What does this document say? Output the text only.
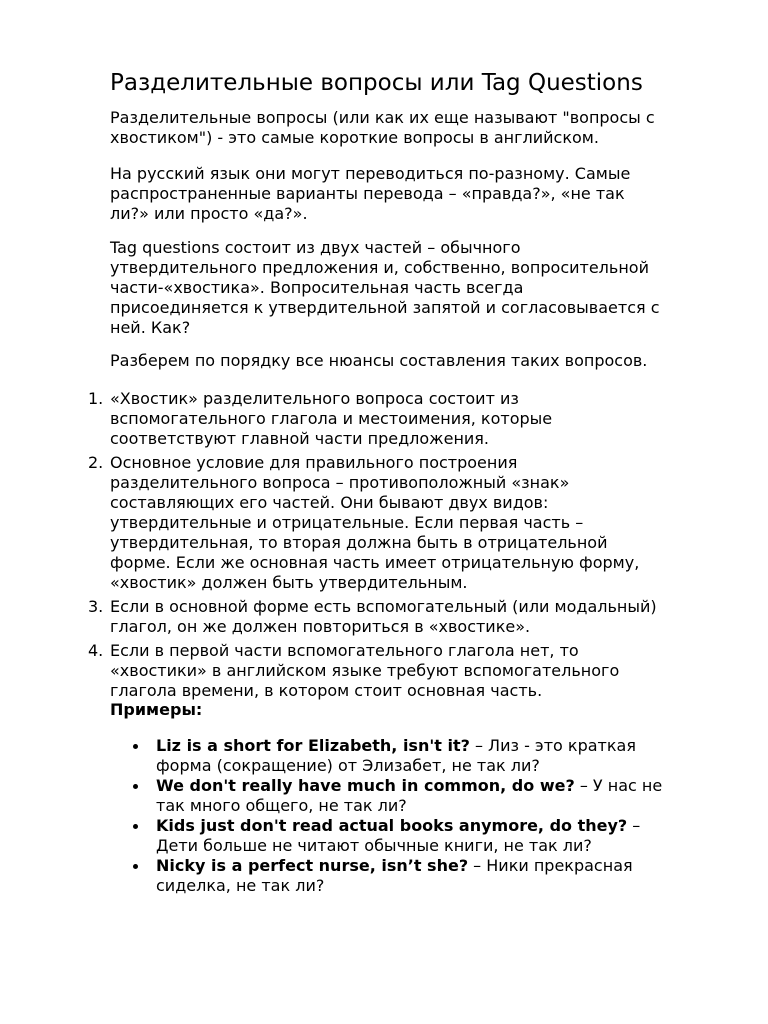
Разделительные вопросы или Tag Questions

Разделительные вопросы (или как их еще называют "вопросы с
хвостиком") - это самые короткие вопросы в английском.

На русский язык они могут переводиться по-разному. Самые
распространенные варианты перевода – «правда?», «не так
ли?» или просто «да?».

Tag questions состоит из двух частей – обычного
утвердительного предложения и, собственно, вопросительной
части-«хвостика». Вопросительная часть всегда
присоединяется к утвердительной запятой и согласовывается с
ней. Как?

Разберем по порядку все нюансы составления таких вопросов.

1. «Хвостик» разделительного вопроса состоит из
вспомогательного глагола и местоимения, которые
соответствуют главной части предложения.
2. Основное условие для правильного построения
разделительного вопроса – противоположный «знак»
составляющих его частей. Они бывают двух видов:
утвердительные и отрицательные. Если первая часть –
утвердительная, то вторая должна быть в отрицательной
форме. Если же основная часть имеет отрицательную форму,
«хвостик» должен быть утвердительным.
3. Если в основной форме есть вспомогательный (или модальный)
глагол, он же должен повториться в «хвостике».
4. Если в первой части вспомогательного глагола нет, то
«хвостики» в английском языке требуют вспомогательного
глагола времени, в котором стоит основная часть.

Примеры:

Liz is a short for Elizabeth, isn't it? – Лиз - это краткая
форма (сокращение) от Элизабет, не так ли?
We don't really have much in common, do we? – У нас не
так много общего, не так ли?
Kids just don't read actual books anymore, do they? –
Дети больше не читают обычные книги, не так ли?
Nicky is a perfect nurse, isn’t she? – Ники прекрасная
сиделка, не так ли?
